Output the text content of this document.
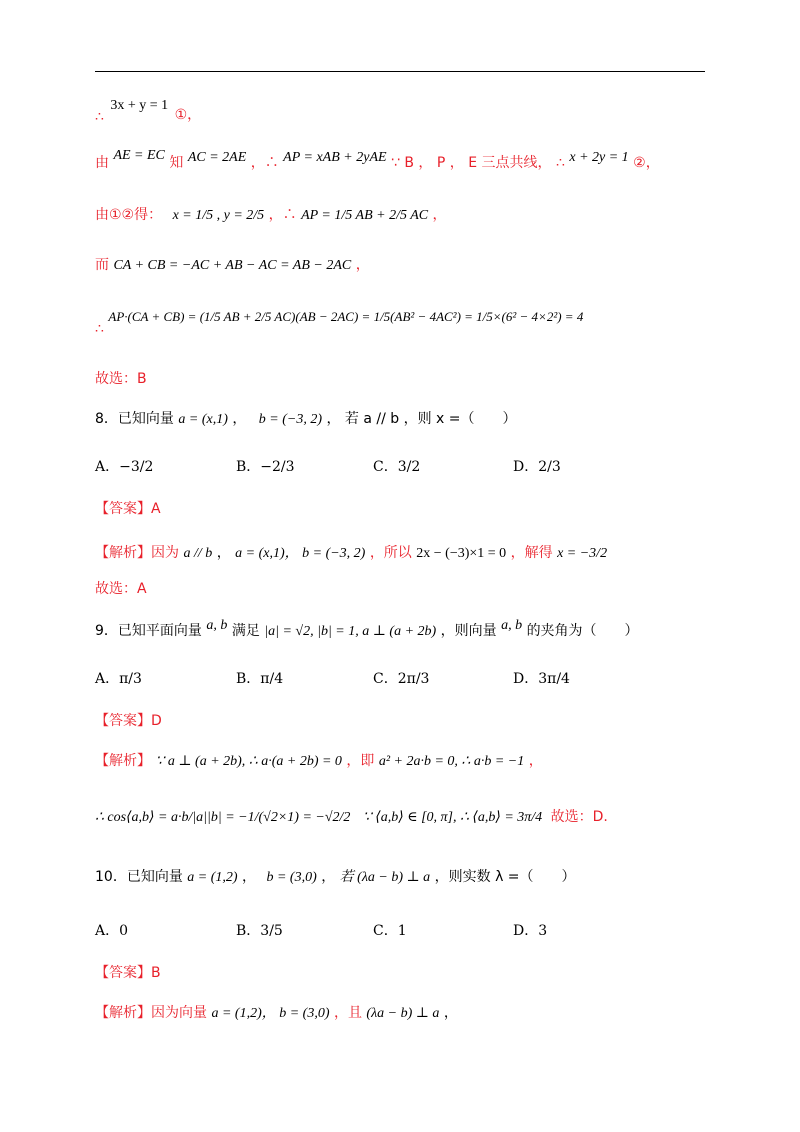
∴ 3x + y = 1 ①，
由 AE = EC 知 AC = 2AE ，∴ AP = xAB + 2yAE ∵ B ， P ， E 三点共线， ∴ x + 2y = 1 ②，
由①②得： x = 1/5 , y = 2/5 ，∴ AP = 1/5 AB + 2/5 AC ，
而 CA + CB = −AC + AB − AC = AB − 2AC ，
∴ AP·(CA + CB) = (1/5 AB + 2/5 AC)(AB − 2AC) = 1/5(AB² − 4AC²) = 1/5×(6² − 4×2²) = 4
故选：B
8．已知向量 a = (x,1) ， b = (−3, 2) ， 若 a // b ，则 x =（　　）
A．−3/2	B．−2/3	C．3/2	D．2/3
【答案】A
【解析】因为 a // b ， a = (x,1)， b = (−3, 2) ，所以 2x − (−3)×1 = 0 ，解得 x = −3/2
故选：A
9．已知平面向量 a, b 满足 |a| = √2, |b| = 1, a ⊥ (a + 2b) ，则向量 a, b 的夹角为（　　）
A．π/3	B．π/4	C．2π/3	D．3π/4
【答案】D
【解析】 ∵ a ⊥ (a + 2b), ∴ a·(a + 2b) = 0 ，即 a² + 2a·b = 0, ∴ a·b = −1 ，
∴ cos⟨a,b⟩ = a·b/|a||b| = −1/(√2×1) = −√2/2 ∵ ⟨a,b⟩ ∈ [0, π], ∴ ⟨a,b⟩ = 3π/4 故选：D.
10．已知向量 a = (1,2) ， b = (3,0) ， 若 (λa − b) ⊥ a ，则实数 λ =（　　）
A．0	B．3/5	C．1	D．3
【答案】B
【解析】因为向量 a = (1,2)， b = (3,0) ，且 (λa − b) ⊥ a ，
